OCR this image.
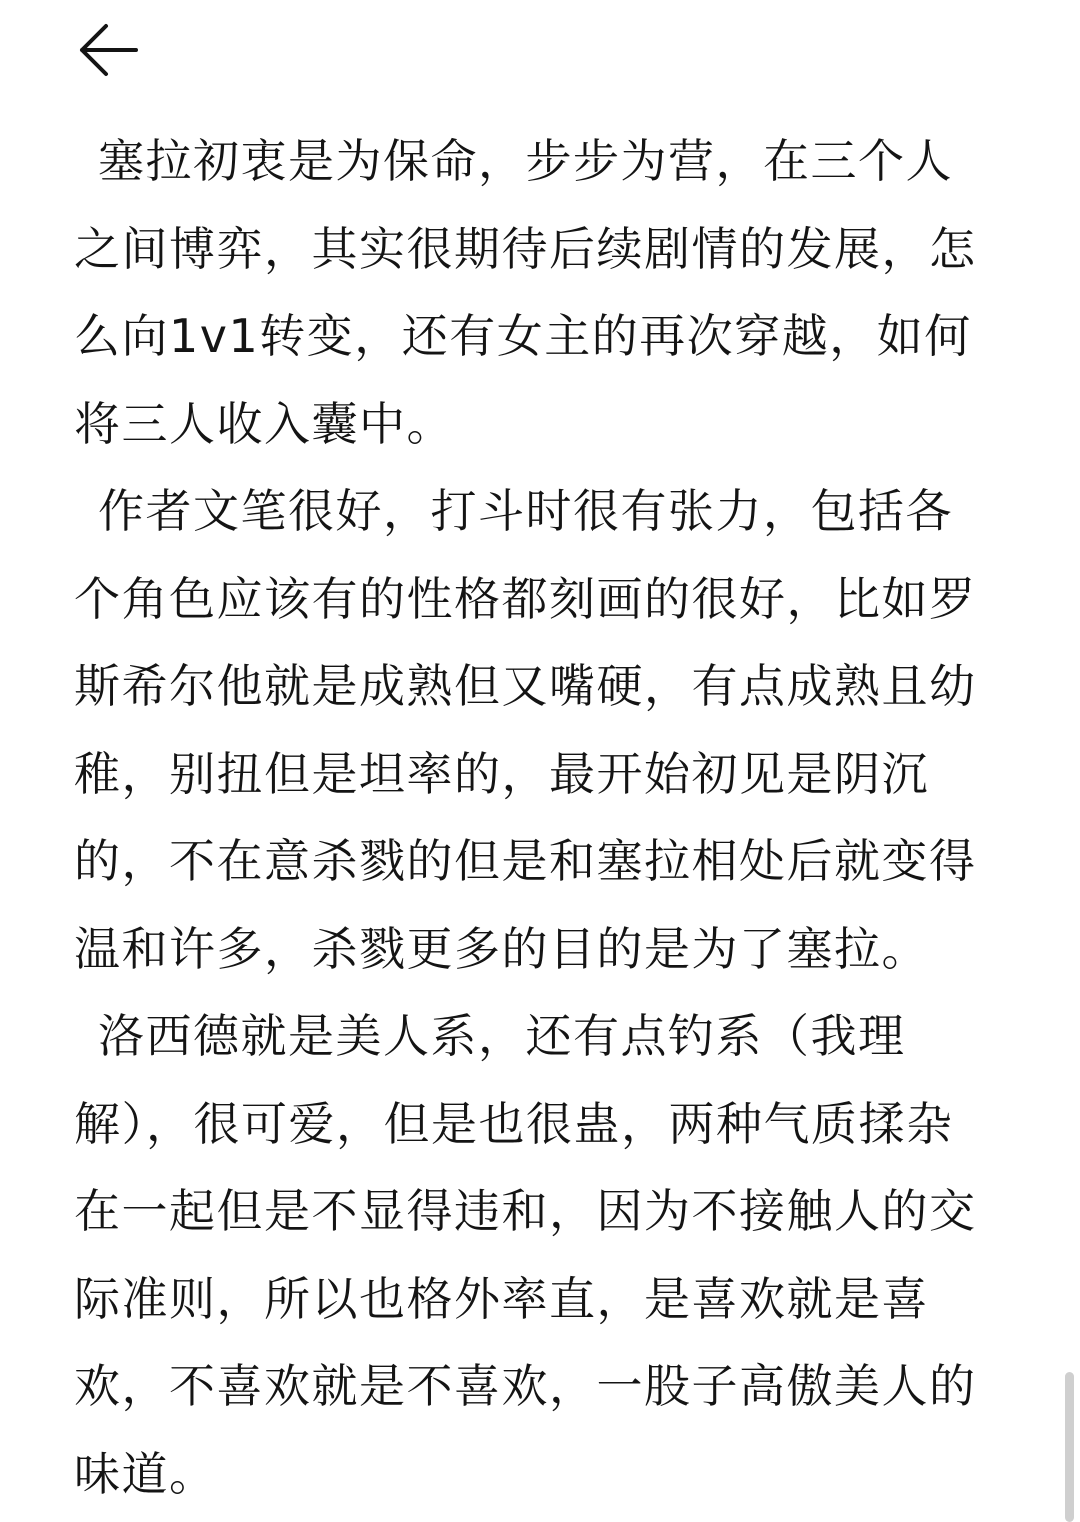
塞拉初衷是为保命，步步为营，在三个人之间博弈，其实很期待后续剧情的发展，怎么向1v1转变，还有女主的再次穿越，如何将三人收入囊中。

作者文笔很好，打斗时很有张力，包括各个角色应该有的性格都刻画的很好，比如罗斯希尔他就是成熟但又嘴硬，有点成熟且幼稚，别扭但是坦率的，最开始初见是阴沉的，不在意杀戮的但是和塞拉相处后就变得温和许多，杀戮更多的目的是为了塞拉。

洛西德就是美人系，还有点钓系（我理解），很可爱，但是也很蛊，两种气质揉杂在一起但是不显得违和，因为不接触人的交际准则，所以也格外率直，是喜欢就是喜欢，不喜欢就是不喜欢，一股子高傲美人的味道。
